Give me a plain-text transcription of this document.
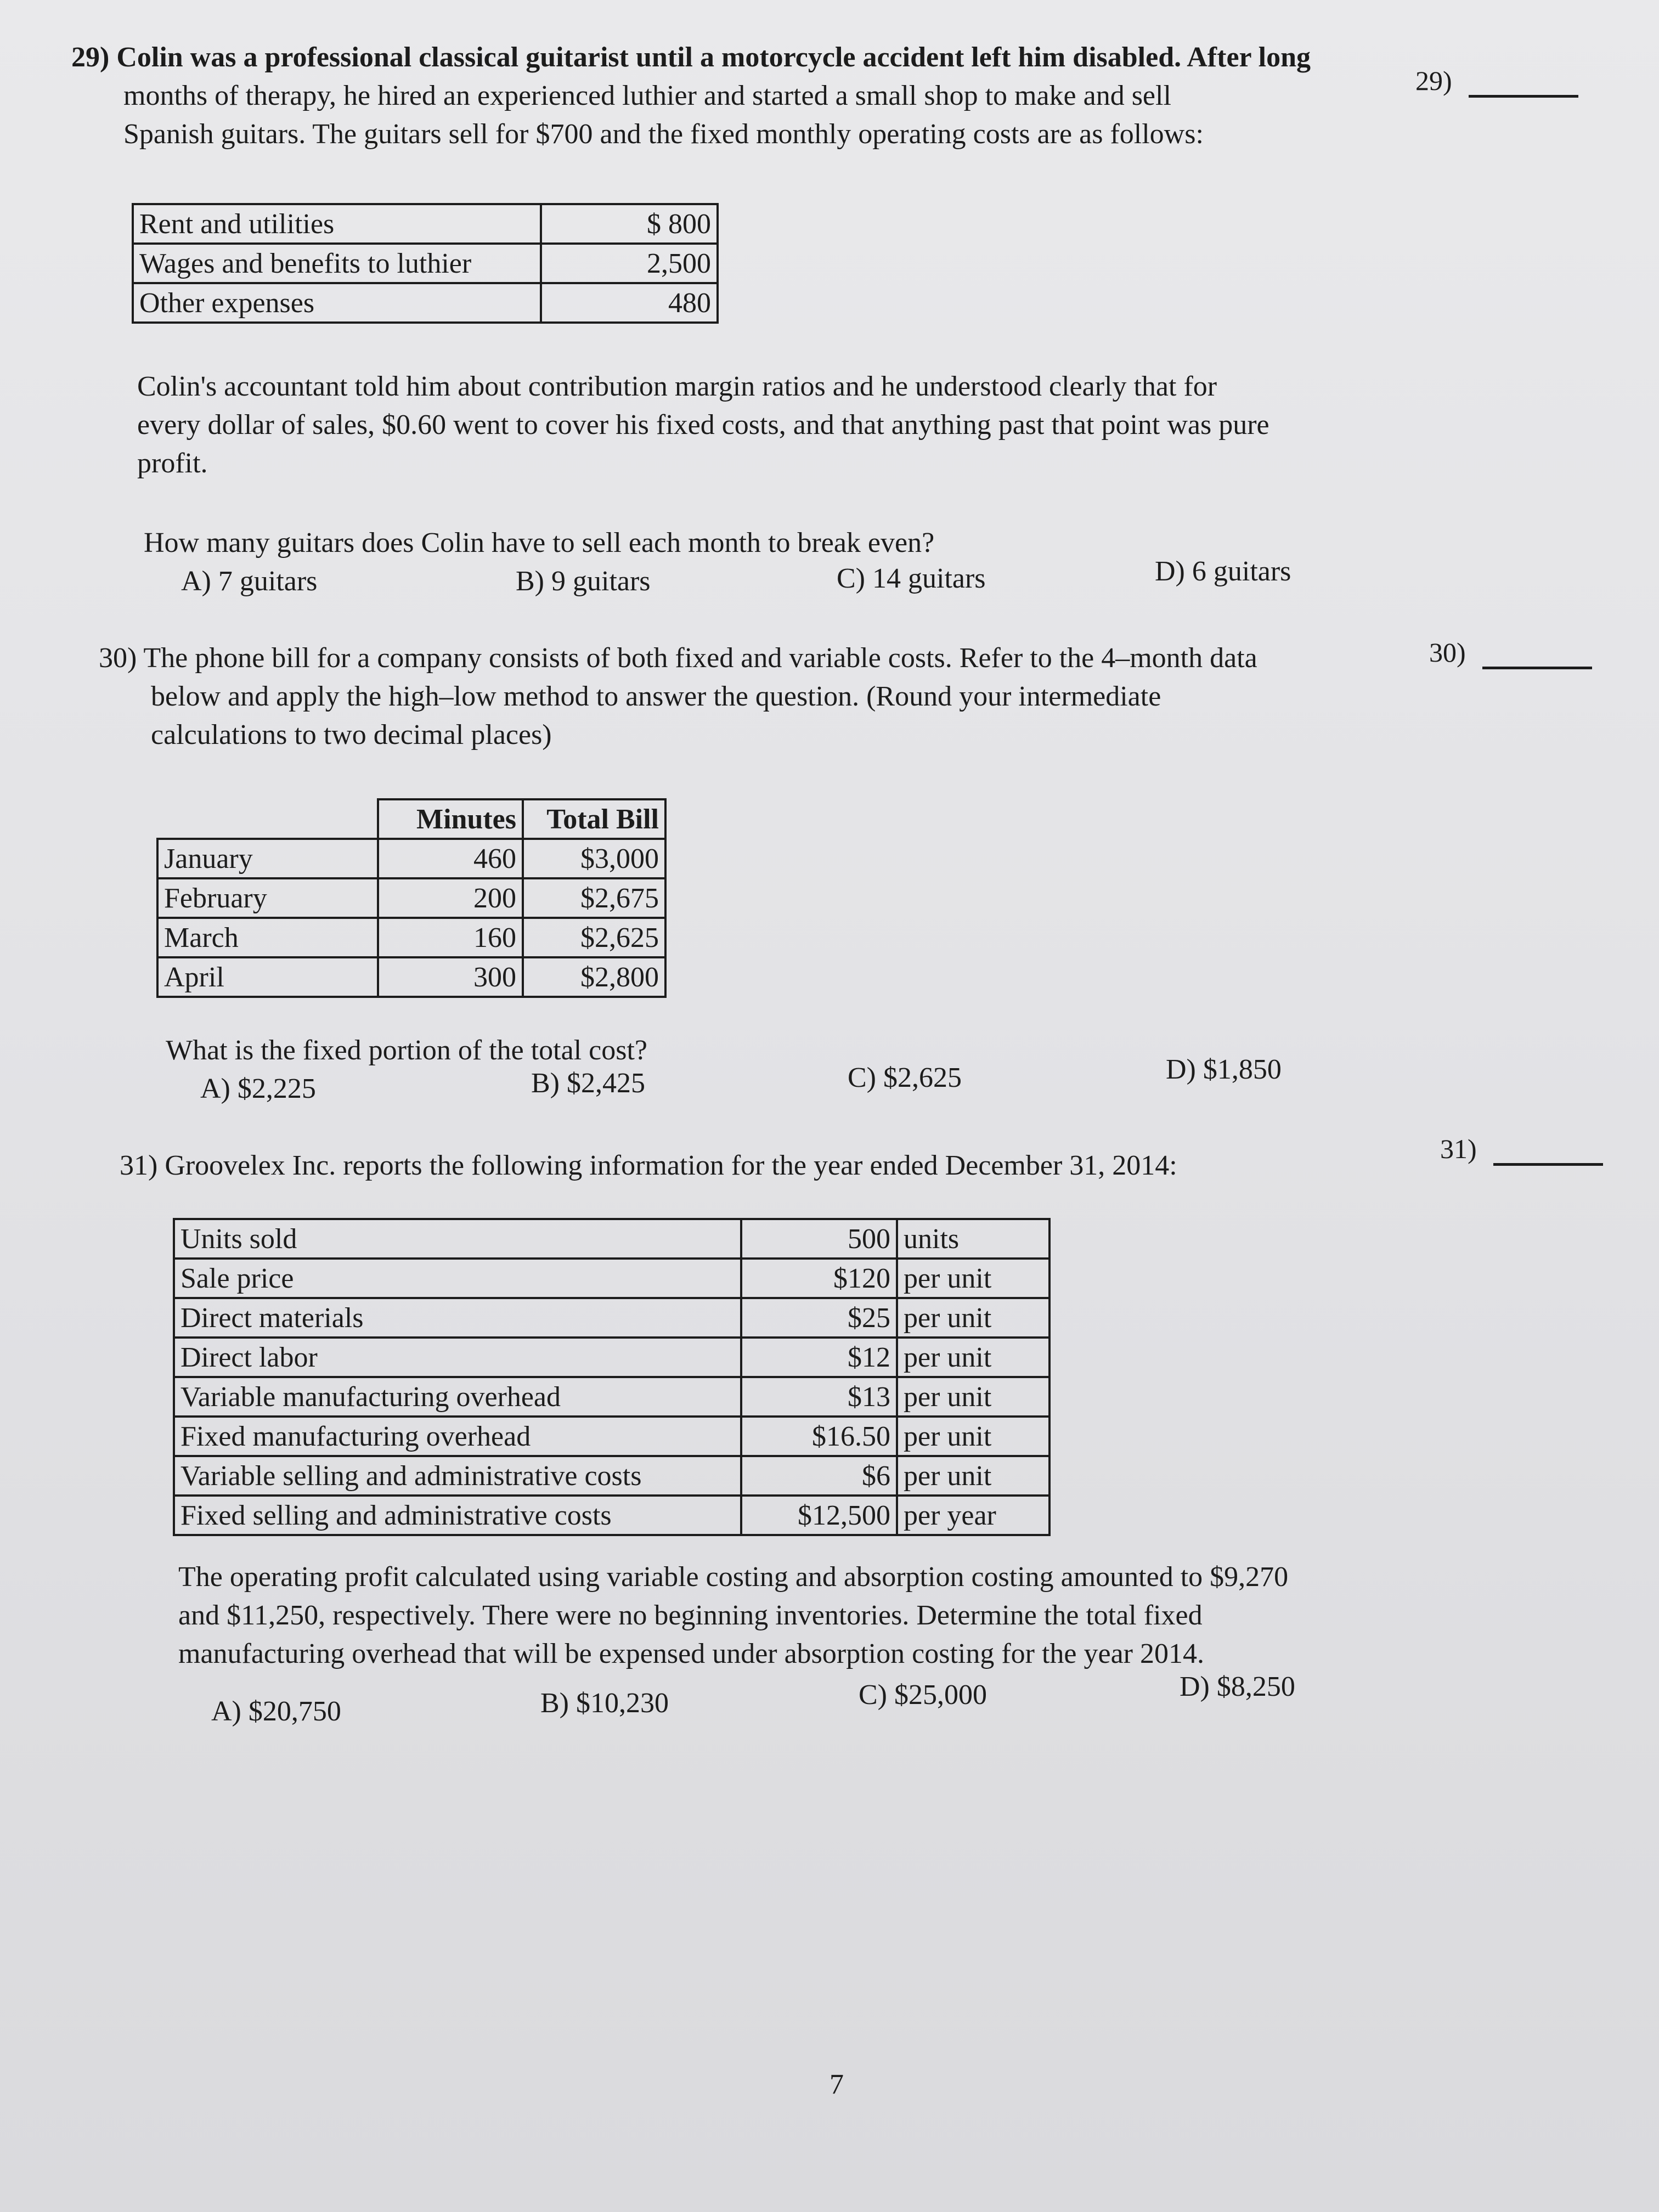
29) Colin was a professional classical guitarist until a motorcycle accident left him disabled. After long

months of therapy, he hired an experienced luthier and started a small shop to make and sell

Spanish guitars. The guitars sell for $700 and the fixed monthly operating costs are as follows:

29)
Rent and utilities	$ 800
Wages and benefits to luthier	2,500
Other expenses	480

Colin's accountant told him about contribution margin ratios and he understood clearly that for

every dollar of sales, $0.60 went to cover his fixed costs, and that anything past that point was pure

profit.

How many guitars does Colin have to sell each month to break even?
A) 7 guitars	B) 9 guitars	C) 14 guitars	D) 6 guitars

30) The phone bill for a company consists of both fixed and variable costs. Refer to the 4–month data

below and apply the high–low method to answer the question. (Round your intermediate

calculations to two decimal places)

30)
	Minutes	Total Bill
January	460	$3,000
February	200	$2,675
March	160	$2,625
April	300	$2,800
What is the fixed portion of the total cost?
A) $2,225	B) $2,425	C) $2,625	D) $1,850
31) Groovelex Inc. reports the following information for the year ended December 31, 2014:
31)
Units sold	500	units
Sale price	$120	per unit
Direct materials	$25	per unit
Direct labor	$12	per unit
Variable manufacturing overhead	$13	per unit
Fixed manufacturing overhead	$16.50	per unit
Variable selling and administrative costs	$6	per unit
Fixed selling and administrative costs	$12,500	per year

The operating profit calculated using variable costing and absorption costing amounted to $9,270

and $11,250, respectively. There were no beginning inventories. Determine the total fixed

manufacturing overhead that will be expensed under absorption costing for the year 2014.

A) $20,750	B) $10,230	C) $25,000	D) $8,250
7
